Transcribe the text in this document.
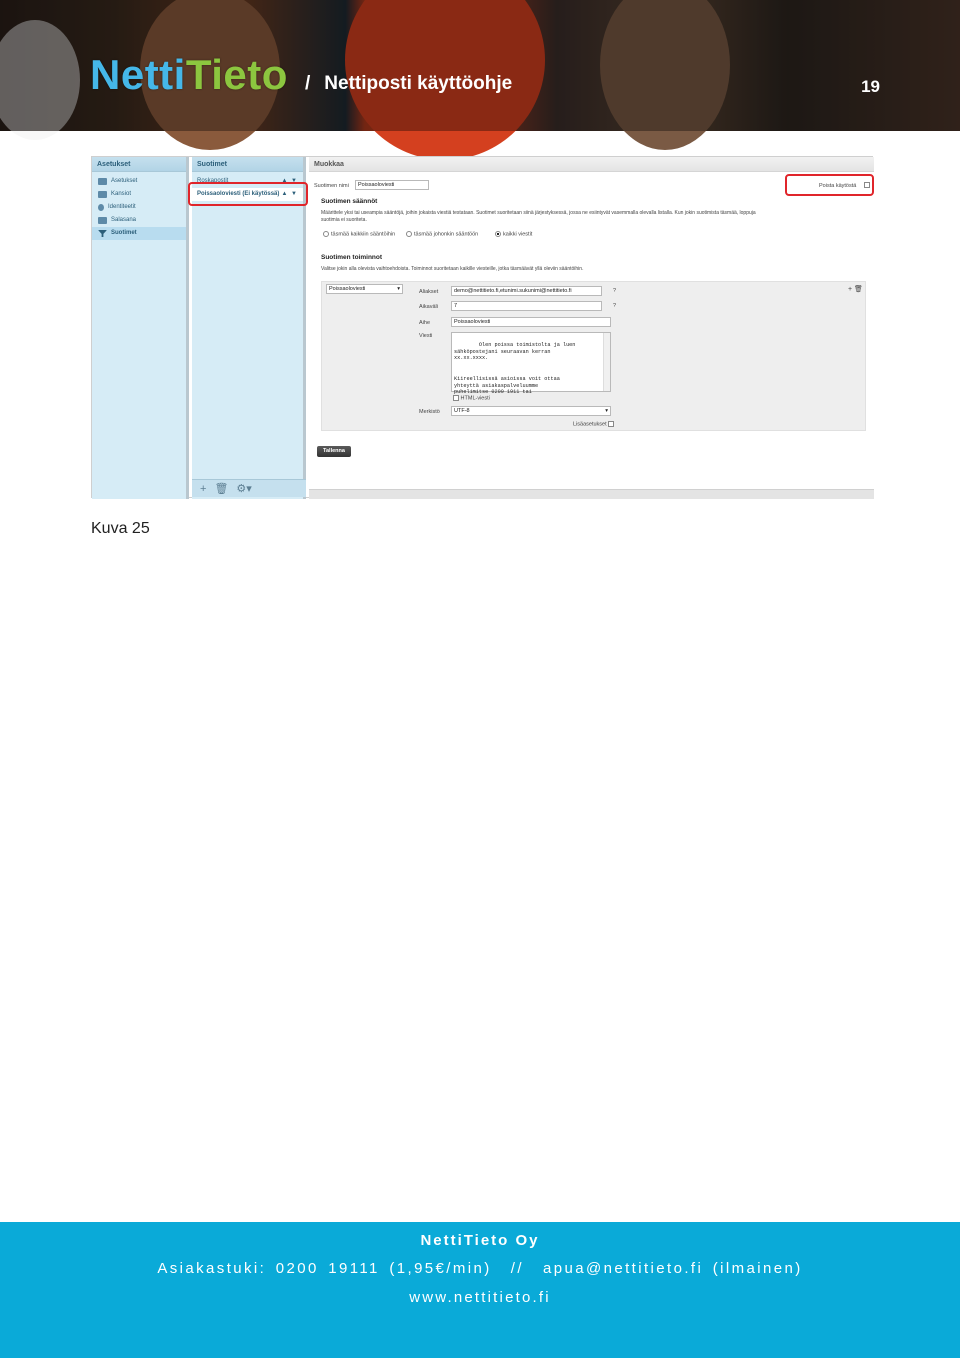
NettiTieto / Nettiposti käyttöohje	19
Asetukset
Asetukset
Kansiot
Identiteetit
Salasana
Suotimet
Suotimet
Roskapostit	▲ ▼
Poissaoloviesti (Ei käytössä) ▲ ▼
+ 🗑 ⚙▾
Muokkaa
Suotimen nimi	Poissaoloviesti	Poista käytöstä
Suotimen säännöt
Määrittele yksi tai useampia sääntöjä, joihin jokaista viestiä testataan. Suotimet suoritetaan siinä järjestyksessä, jossa ne esiintyvät vasemmalla olevalla listalla. Kun jokin suotimista täsmää, loppuja
suotimia ei suoriteta.
täsmää kaikkiin sääntöihin	täsmää johonkin sääntöön	kaikki viestit
Suotimen toiminnot
Valitse jokin alla olevista vaihtoehdoista. Toiminnot suoritetaan kaikille viesteille, jotka täsmäävät yllä oleviin sääntöihin.
Poissaoloviesti	▾	Aliakset	demo@nettitieto.fi,etunimi.sukunimi@nettitieto.fi	?
Aikaväli	7	?
Aihe	Poissaoloviesti
Viesti

Olen poissa toimistolta ja luen
sähköpostejani seuraavan kerran
xx.xx.xxxx.

Kiireellisissä asioissa voit ottaa
yhteyttä asiakaspalveluumme
puhelimitse 0200 1911 tai

HTML-viesti
Merkistö	UTF-8	▾
Lisäasetukset
+ 🗑
Tallenna
Kuva 25
NettiTieto Oy
Asiakastuki: 0200 19111 (1,95€/min)  //  apua@nettitieto.fi (ilmainen)
www.nettitieto.fi
